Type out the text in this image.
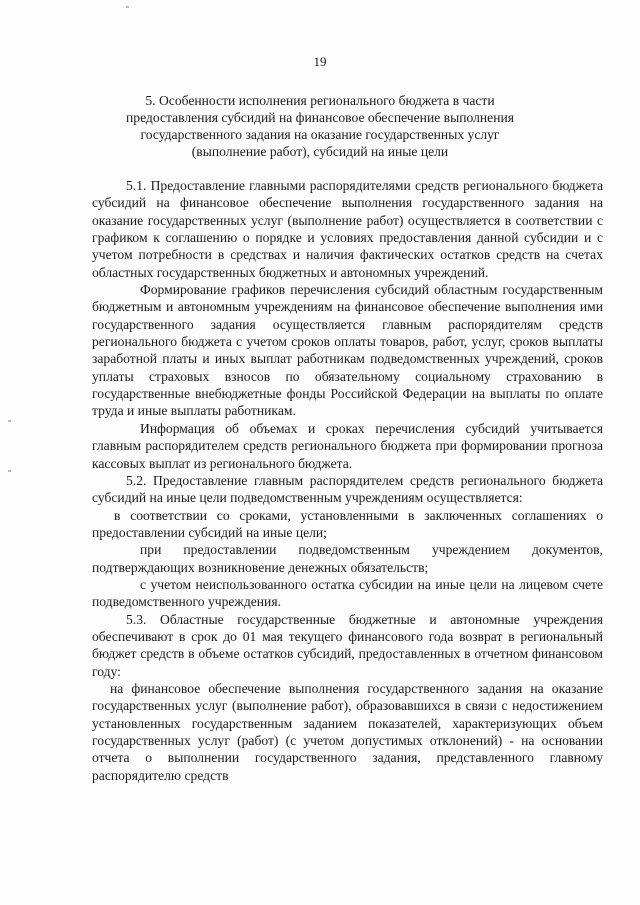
19
5. Особенности исполнения регионального бюджета в части
предоставления субсидий на финансовое обеспечение выполнения
государственного задания на оказание государственных услуг
(выполнение работ), субсидий на иные цели

5.1. Предоставление главными распорядителями средств регионального бюджета субсидий на финансовое обеспечение выполнения государственного задания на оказание государственных услуг (выполнение работ) осуществляется в соответствии с графиком к соглашению о порядке и условиях предоставления данной субсидии и с учетом потребности в средствах и наличия фактических остатков средств на счетах областных государственных бюджетных и автономных учреждений.

Формирование графиков перечисления субсидий областным государственным бюджетным и автономным учреждениям на финансовое обеспечение выполнения ими государственного задания осуществляется главным распорядителям средств регионального бюджета с учетом сроков оплаты товаров, работ, услуг, сроков выплаты заработной платы и иных выплат работникам подведомственных учреждений, сроков уплаты страховых взносов по обязательному социальному страхованию в государственные внебюджетные фонды Российской Федерации на выплаты по оплате труда и иные выплаты работникам.

Информация об объемах и сроках перечисления субсидий учитывается главным распорядителем средств регионального бюджета при формировании прогноза кассовых выплат из регионального бюджета.

5.2. Предоставление главным распорядителем средств регионального бюджета субсидий на иные цели подведомственным учреждениям осуществляется:

в соответствии со сроками, установленными в заключенных соглашениях о предоставлении субсидий на иные цели;

при предоставлении подведомственным учреждением документов, подтверждающих возникновение денежных обязательств;

с учетом неиспользованного остатка субсидии на иные цели на лицевом счете подведомственного учреждения.

5.3. Областные государственные бюджетные и автономные учреждения обеспечивают в срок до 01 мая текущего финансового года возврат в региональный бюджет средств в объеме остатков субсидий, предоставленных в отчетном финансовом году:

на финансовое обеспечение выполнения государственного задания на оказание государственных услуг (выполнение работ), образовавшихся в связи с недостижением установленных государственным заданием показателей, характеризующих объем государственных услуг (работ) (с учетом допустимых отклонений) - на основании отчета о выполнении государственного задания, представленного главному распорядителю средств
